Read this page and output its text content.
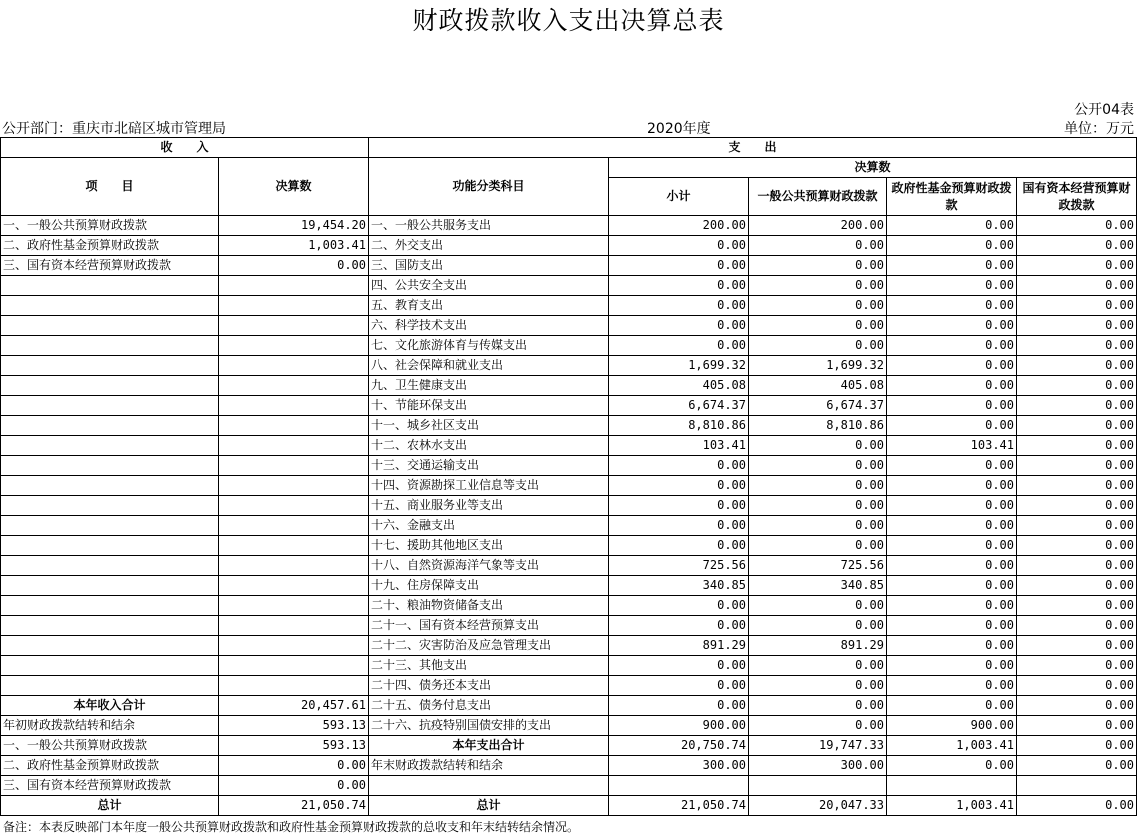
财政拨款收入支出决算总表
公开04表
公开部门：重庆市北碚区城市管理局	2020年度	单位：万元
收　　入		支　　出				
项　　目	决算数	功能分类科目	决算数			
			小计	一般公共预算财政拨款	政府性基金预算财政拨款	国有资本经营预算财政拨款
一、一般公共预算财政拨款	19,454.20	一、一般公共服务支出	200.00	200.00	0.00	0.00
二、政府性基金预算财政拨款	1,003.41	二、外交支出	0.00	0.00	0.00	0.00
三、国有资本经营预算财政拨款	0.00	三、国防支出	0.00	0.00	0.00	0.00
		四、公共安全支出	0.00	0.00	0.00	0.00
		五、教育支出	0.00	0.00	0.00	0.00
		六、科学技术支出	0.00	0.00	0.00	0.00
		七、文化旅游体育与传媒支出	0.00	0.00	0.00	0.00
		八、社会保障和就业支出	1,699.32	1,699.32	0.00	0.00
		九、卫生健康支出	405.08	405.08	0.00	0.00
		十、节能环保支出	6,674.37	6,674.37	0.00	0.00
		十一、城乡社区支出	8,810.86	8,810.86	0.00	0.00
		十二、农林水支出	103.41	0.00	103.41	0.00
		十三、交通运输支出	0.00	0.00	0.00	0.00
		十四、资源勘探工业信息等支出	0.00	0.00	0.00	0.00
		十五、商业服务业等支出	0.00	0.00	0.00	0.00
		十六、金融支出	0.00	0.00	0.00	0.00
		十七、援助其他地区支出	0.00	0.00	0.00	0.00
		十八、自然资源海洋气象等支出	725.56	725.56	0.00	0.00
		十九、住房保障支出	340.85	340.85	0.00	0.00
		二十、粮油物资储备支出	0.00	0.00	0.00	0.00
		二十一、国有资本经营预算支出	0.00	0.00	0.00	0.00
		二十二、灾害防治及应急管理支出	891.29	891.29	0.00	0.00
		二十三、其他支出	0.00	0.00	0.00	0.00
		二十四、债务还本支出	0.00	0.00	0.00	0.00
本年收入合计	20,457.61	二十五、债务付息支出	0.00	0.00	0.00	0.00
年初财政拨款结转和结余	593.13	二十六、抗疫特别国债安排的支出	900.00	0.00	900.00	0.00
一、一般公共预算财政拨款	593.13	本年支出合计	20,750.74	19,747.33	1,003.41	0.00
二、政府性基金预算财政拨款	0.00	年末财政拨款结转和结余	300.00	300.00	0.00	0.00
三、国有资本经营预算财政拨款	0.00					
总计	21,050.74	总计	21,050.74	20,047.33	1,003.41	0.00
备注：本表反映部门本年度一般公共预算财政拨款和政府性基金预算财政拨款的总收支和年末结转结余情况。
